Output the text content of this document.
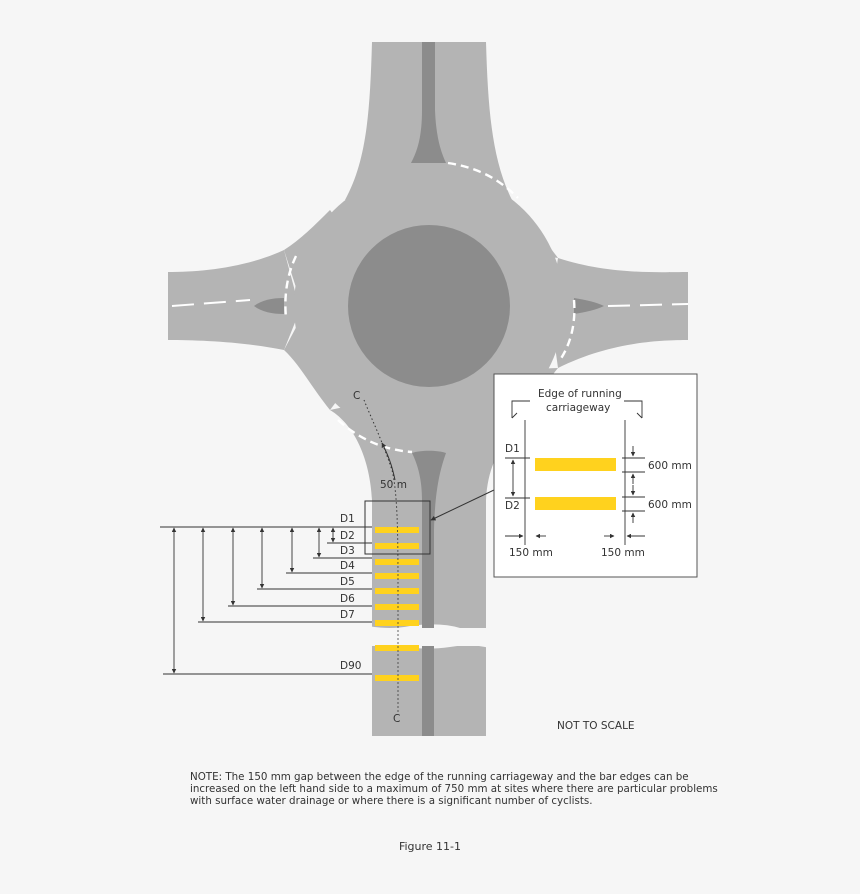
C
C
50 m
D1
D2
D3
D4
D5
D6
D7
D90
NOT TO SCALE
Edge of running
carriageway
D1
D2
600 mm
600 mm
150 mm	150 mm

NOTE: The 150 mm gap between the edge of the running carriageway and the bar edges can be increased on the left hand side to a maximum of 750 mm at sites where there are particular problems with surface water drainage or where there is a significant number of cyclists.

Figure 11-1
